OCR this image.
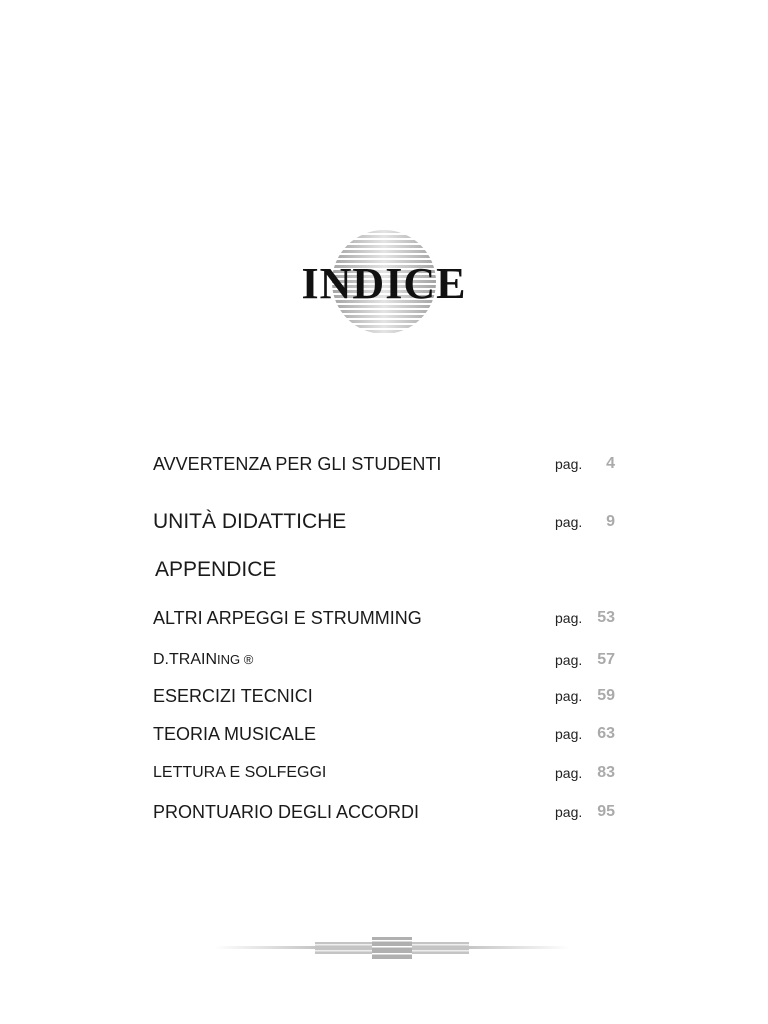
INDICE
AVVERTENZA PER GLI STUDENTI	pag.	4
UNITÀ DIDATTICHE	pag.	9
APPENDICE
ALTRI ARPEGGI E STRUMMING	pag. 53
D.TRAINING ®	pag. 57
ESERCIZI TECNICI	pag. 59
TEORIA MUSICALE	pag. 63
LETTURA E SOLFEGGI	pag. 83
PRONTUARIO DEGLI ACCORDI	pag. 95
